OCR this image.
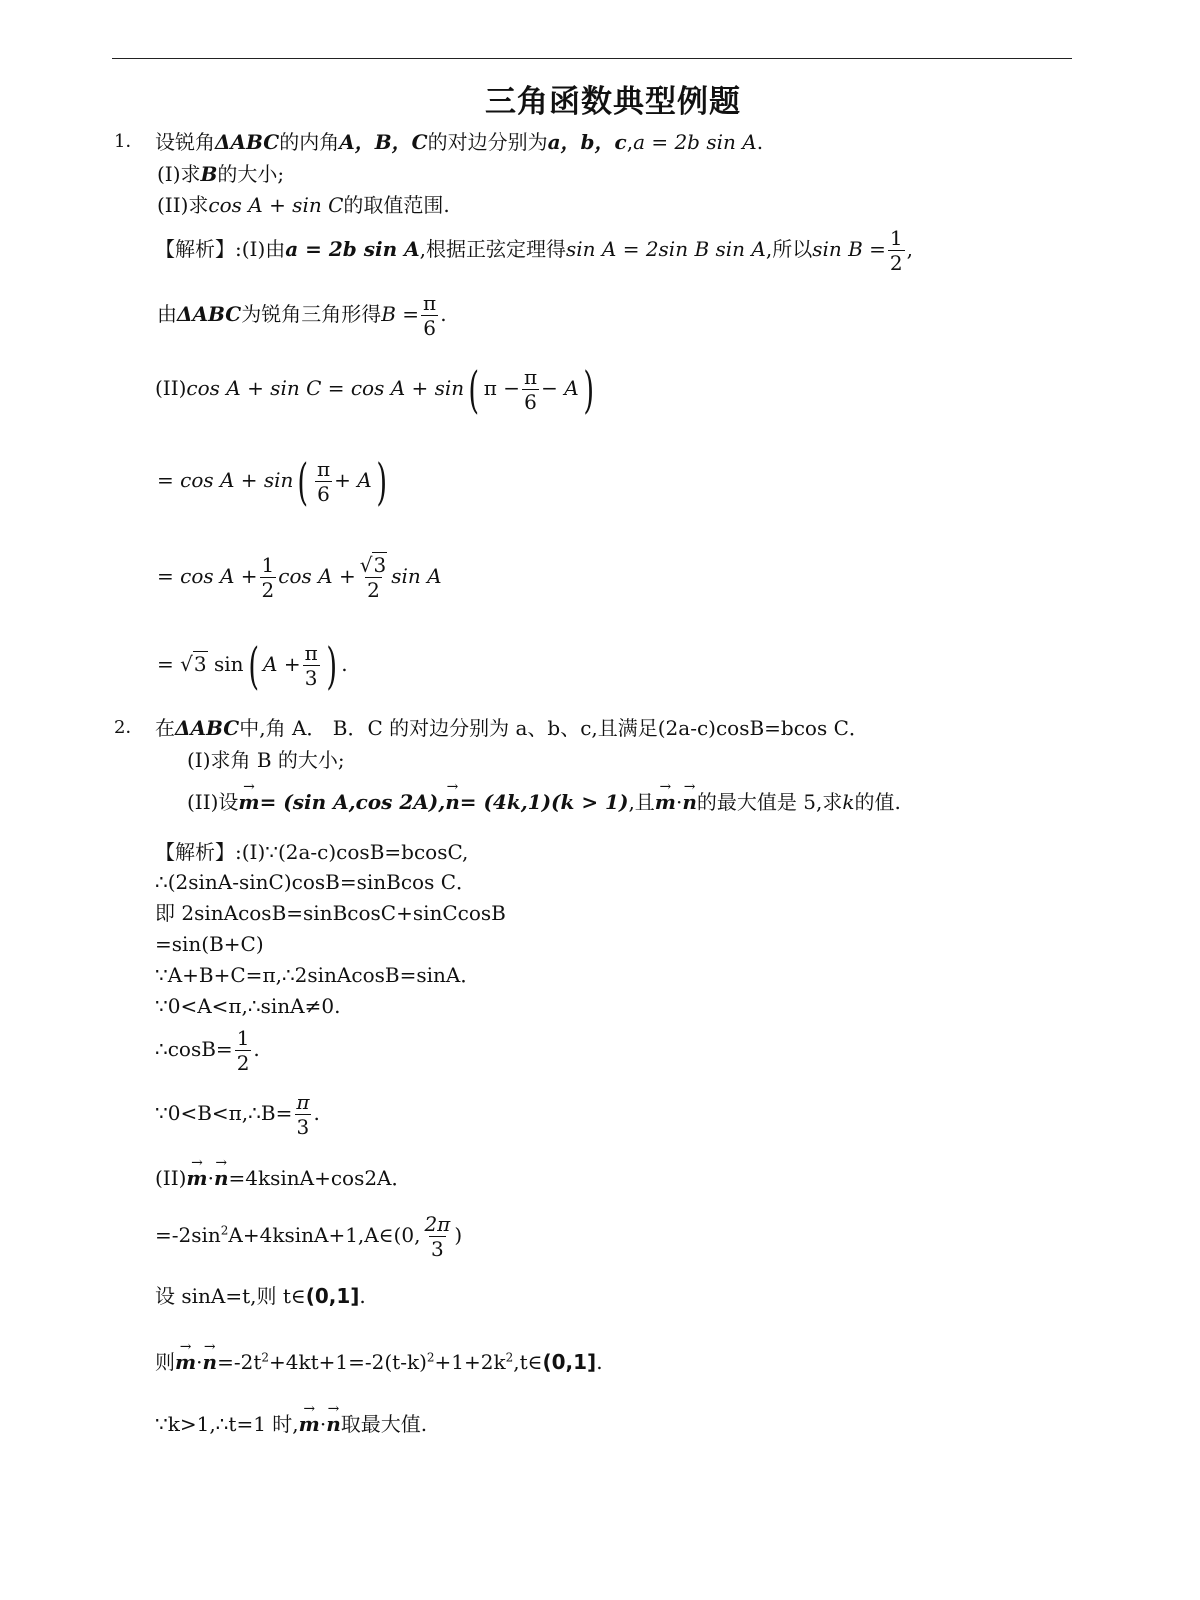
三角函数典型例题
1． 设锐角ΔABC的内角A，B，C的对边分别为a，b，c,a = 2b sin A.
(I)求B的大小;
(II)求cos A + sin C的取值范围.
【解析】:(I)由a = 2b sin A,根据正弦定理得sin A = 2sin B sin A,所以$\sin B = \frac{1}{2}$ ,
由ΔABC为锐角三角形得$B = \frac{\pi}{6}$ .
(II)cos A + sin C = cos A + sin( $\pi - \frac{\pi}{6} - A$)
= $\cos A + \sin( \frac{\pi}{6} + A)$
= $\cos A + \frac{1}{2}$ $\cos A + \frac{√3}{2}$ sin A
= √3 sin( $A + \frac{\pi}{3}$ ) .
2． 在ΔABC中,角 A． B．C 的对边分别为 a、b、c,且满足(2a-c)cosB=bcos C．
(I)求角 B 的大小;
(II)设→ m= (sin A,cos 2A),→ n= (4k,1)(k > 1),且→ m·→ n的最大值是 5,求k的值.
【解析】:(I)∵(2a-c)cosB=bcosC,
∴(2sinA-sinC)cosB=sinBcos C．
即 2sinAcosB=sinBcosC+sinCcosB
=sin(B+C)
∵A+B+C=π,∴2sinAcosB=sinA．
∵0<A<π,∴sinA≠0.
∴cosB= $\frac{1}{2}$ .
∵0<B<π,∴B= $\frac{\pi}{3}$ .
(II)→ m·→ n=4ksinA+cos2A．
$=-2\sin^2A+4ksinA+1,A\in(0$, $\frac{2\pi}{3}$ )
设 sinA=t,则 t∈(0,1].
则→ $m\cdot\to n=-2t^2+4kt+1=-2(t-k)^2+1+2k^2,t\in(0,1]$.
∵k>1,∴t=1 时,→ m·→ n取最大值.
